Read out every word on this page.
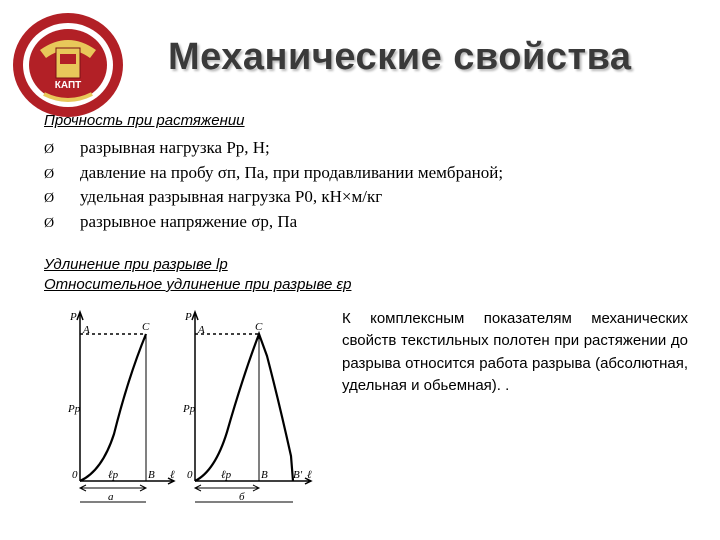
КАПТ
Механические свойства
Прочность при растяжении
Ø разрывная нагрузка Рр, Н;
Ø давление на пробу σп, Па, при продавливании мембраной;
Ø удельная разрывная нагрузка Р0, кН×м/кг
Ø разрывное напряжение σр, Па
Удлинение при разрыве lр
Относительное удлинение при разрыве εр
P
ℓ
A	C
0	B
Pр
ℓр
а
P
ℓ
A	C
0	B B'
Pр
ℓр
б
К комплексным показателям механических свойств текстильных полотен при растяжении до разрыва относится работа разрыва (абсолютная, удельная и обьемная). .
